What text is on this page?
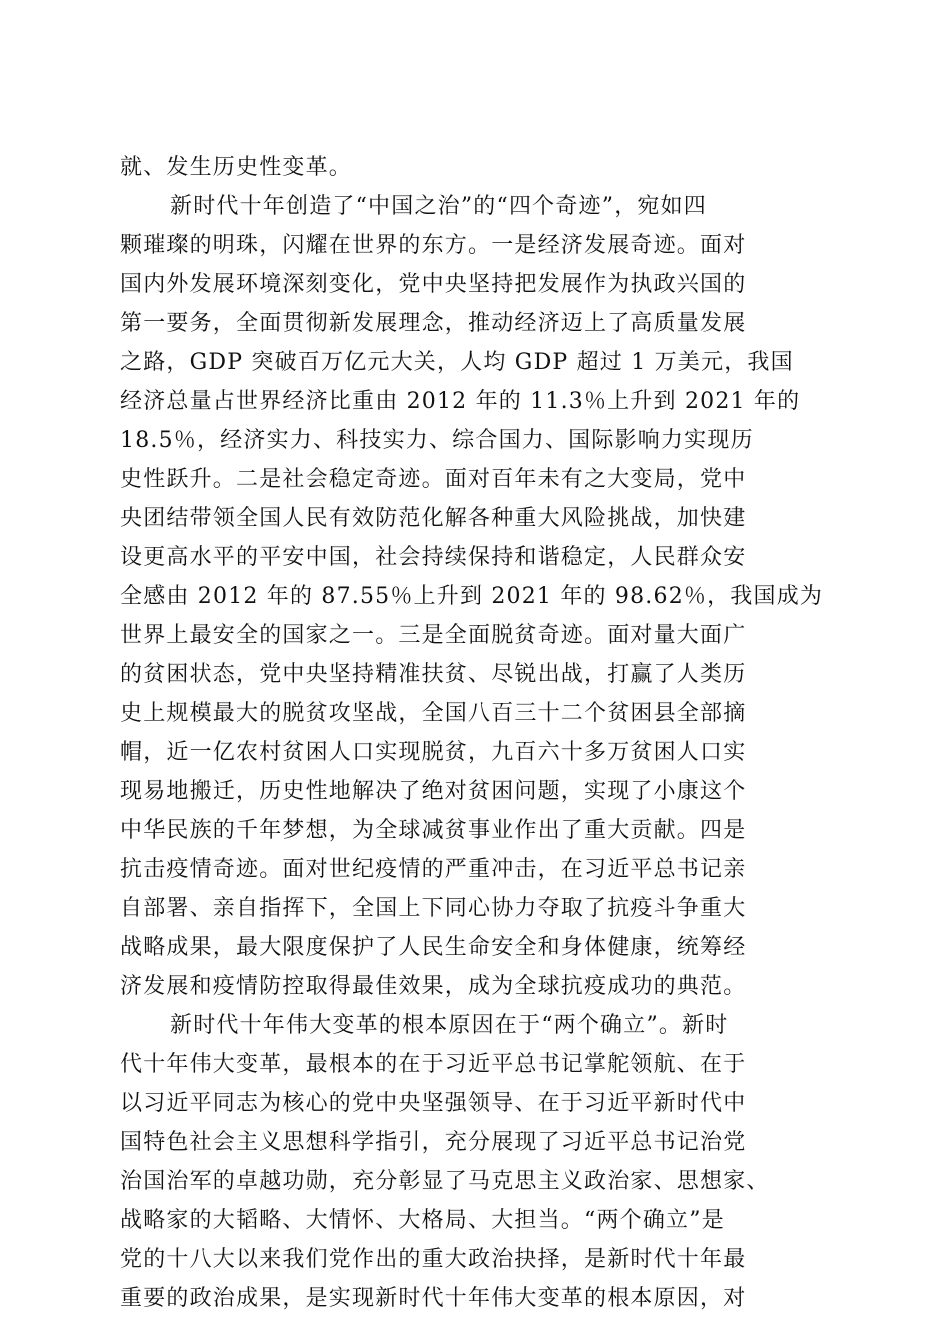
就、发生历史性变革。
新时代十年创造了“中国之治”的“四个奇迹”，宛如四
颗璀璨的明珠，闪耀在世界的东方。一是经济发展奇迹。面对
国内外发展环境深刻变化，党中央坚持把发展作为执政兴国的
第一要务，全面贯彻新发展理念，推动经济迈上了高质量发展
之路，GDP 突破百万亿元大关，人均 GDP 超过 1 万美元，我国
经济总量占世界经济比重由 2012 年的 11.3％上升到 2021 年的
18.5％，经济实力、科技实力、综合国力、国际影响力实现历
史性跃升。二是社会稳定奇迹。面对百年未有之大变局，党中
央团结带领全国人民有效防范化解各种重大风险挑战，加快建
设更高水平的平安中国，社会持续保持和谐稳定，人民群众安
全感由 2012 年的 87.55％上升到 2021 年的 98.62％，我国成为
世界上最安全的国家之一。三是全面脱贫奇迹。面对量大面广
的贫困状态，党中央坚持精准扶贫、尽锐出战，打赢了人类历
史上规模最大的脱贫攻坚战，全国八百三十二个贫困县全部摘
帽，近一亿农村贫困人口实现脱贫，九百六十多万贫困人口实
现易地搬迁，历史性地解决了绝对贫困问题，实现了小康这个
中华民族的千年梦想，为全球减贫事业作出了重大贡献。四是
抗击疫情奇迹。面对世纪疫情的严重冲击，在习近平总书记亲
自部署、亲自指挥下，全国上下同心协力夺取了抗疫斗争重大
战略成果，最大限度保护了人民生命安全和身体健康，统筹经
济发展和疫情防控取得最佳效果，成为全球抗疫成功的典范。
新时代十年伟大变革的根本原因在于“两个确立”。新时
代十年伟大变革，最根本的在于习近平总书记掌舵领航、在于
以习近平同志为核心的党中央坚强领导、在于习近平新时代中
国特色社会主义思想科学指引，充分展现了习近平总书记治党
治国治军的卓越功勋，充分彰显了马克思主义政治家、思想家、
战略家的大韬略、大情怀、大格局、大担当。“两个确立”是
党的十八大以来我们党作出的重大政治抉择，是新时代十年最
重要的政治成果，是实现新时代十年伟大变革的根本原因，对
